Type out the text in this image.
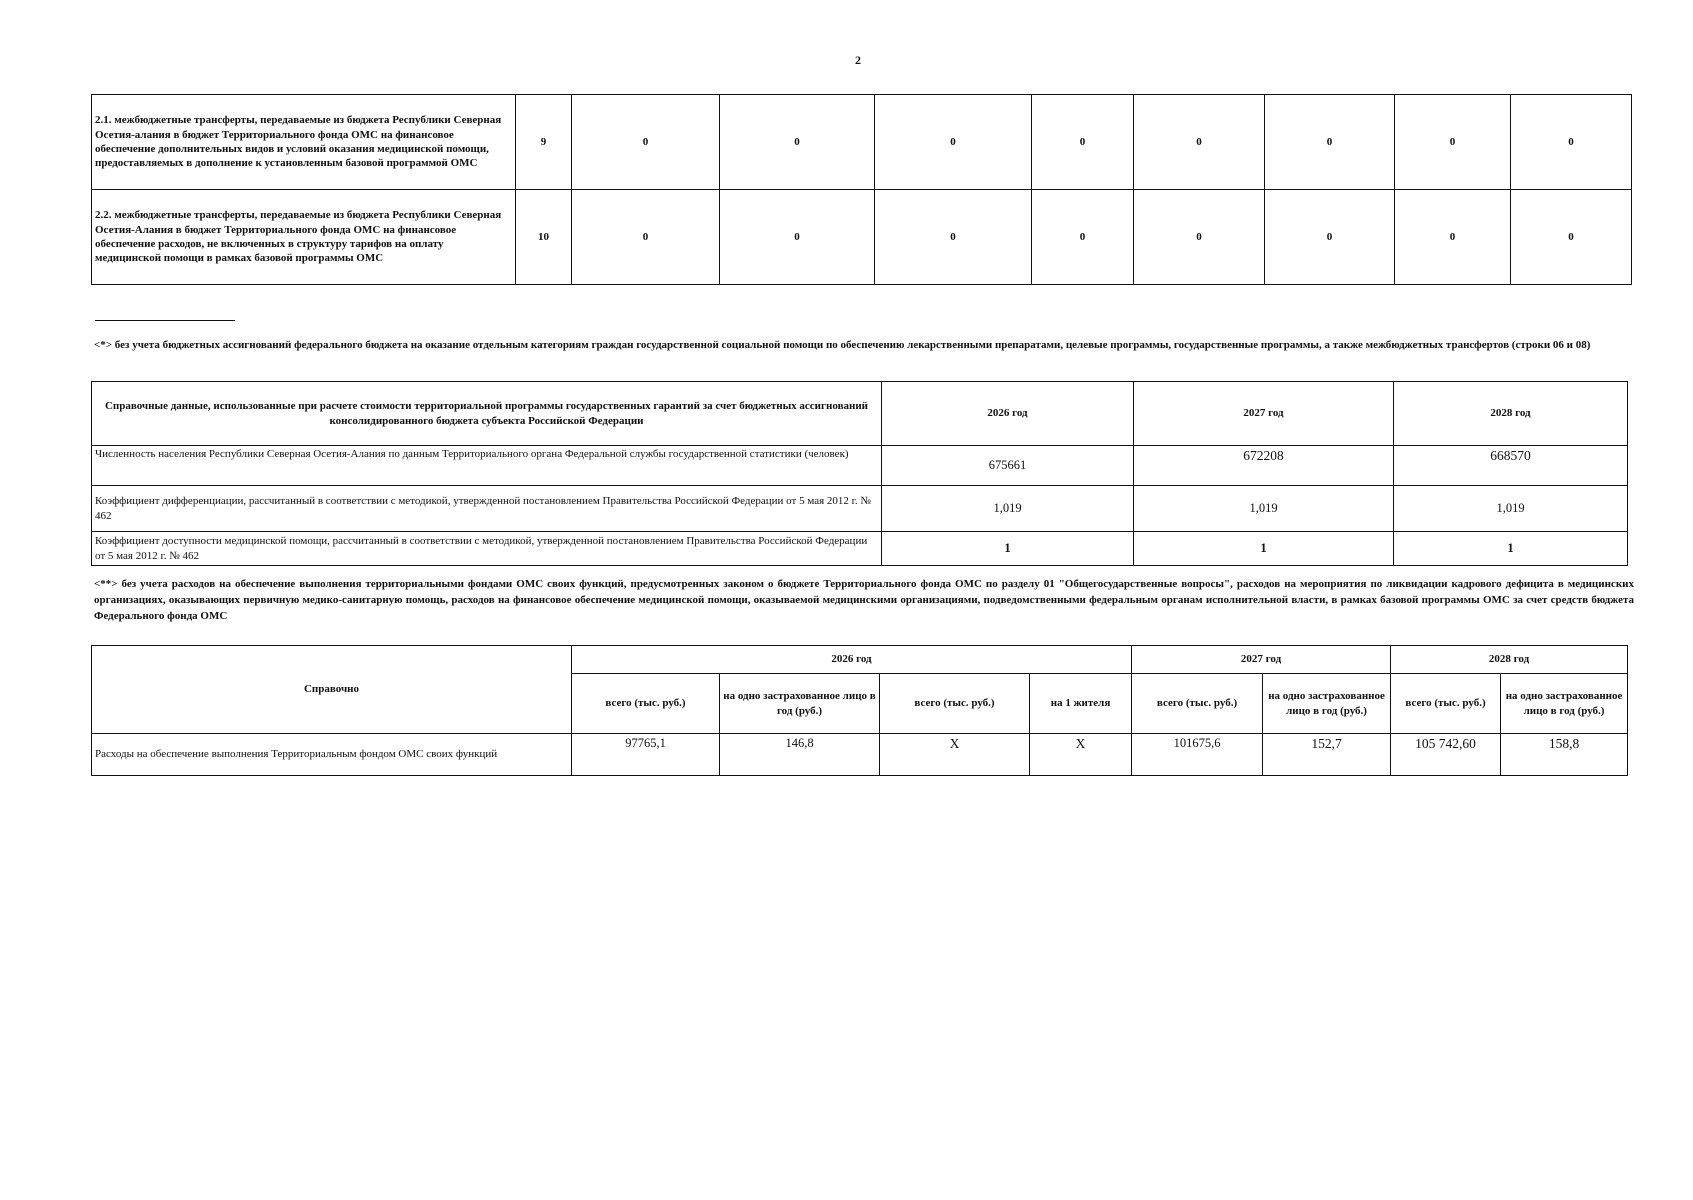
2
2.1. межбюджетные трансферты, передаваемые из бюджета Республики Северная Осетия-алания в бюджет Территориального фонда ОМС на финансовое обеспечение дополнительных видов и условий оказания медицинской помощи, предоставляемых в дополнение к установленным базовой программой ОМС	9	0	0	0	0	0	0	0	0
2.2. межбюджетные трансферты, передаваемые из бюджета Республики Северная Осетия-Алания в бюджет Территориального фонда ОМС на финансовое обеспечение расходов, не включенных в структуру тарифов на оплату медицинской помощи в рамках базовой программы ОМС	10	0	0	0	0	0	0	0	0
<*> без учета бюджетных ассигнований федерального бюджета на оказание отдельным категориям граждан государственной социальной помощи по обеспечению лекарственными препаратами, целевые программы, государственные программы, а также межбюджетных трансфертов (строки 06 и 08)
Справочные данные, использованные при расчете стоимости территориальной программы государственных гарантий за счет бюджетных ассигнований консолидированного бюджета субъекта Российской Федерации	2026 год	2027 год	2028 год
Численность населения Республики Северная Осетия-Алания по данным Территориального органа Федеральной службы государственной статистики (человек)	675661	672208	668570
Коэффициент дифференциации, рассчитанный в соответствии с методикой, утвержденной постановлением Правительства Российской Федерации от 5 мая 2012 г. № 462	1,019	1,019	1,019
Коэффициент доступности медицинской помощи, рассчитанный в соответствии с методикой, утвержденной постановлением Правительства Российской Федерации от 5 мая 2012 г. № 462	1	1	1
<**> без учета расходов на обеспечение выполнения территориальными фондами ОМС своих функций, предусмотренных законом о бюджете Территориального фонда ОМС по разделу 01 "Общегосударственные вопросы", расходов на мероприятия по ликвидации кадрового дефицита в медицинских организациях, оказывающих первичную медико-санитарную помощь, расходов на финансовое обеспечение медицинской помощи, оказываемой медицинскими организациями, подведомственными федеральным органам исполнительной власти, в рамках базовой программы ОМС за счет средств бюджета Федерального фонда ОМС
Справочно	2026 год				2027 год		2028 год	
	всего (тыс. руб.)	на одно застрахованное лицо в год (руб.)	всего (тыс. руб.)	на 1 жителя	всего (тыс. руб.)	на одно застрахованное лицо в год (руб.)	всего (тыс. руб.)	на одно застрахованное лицо в год (руб.)
Расходы на обеспечение выполнения Территориальным фондом ОМС своих функций	97765,1	146,8	X	X	101675,6	152,7	105 742,60	158,8
